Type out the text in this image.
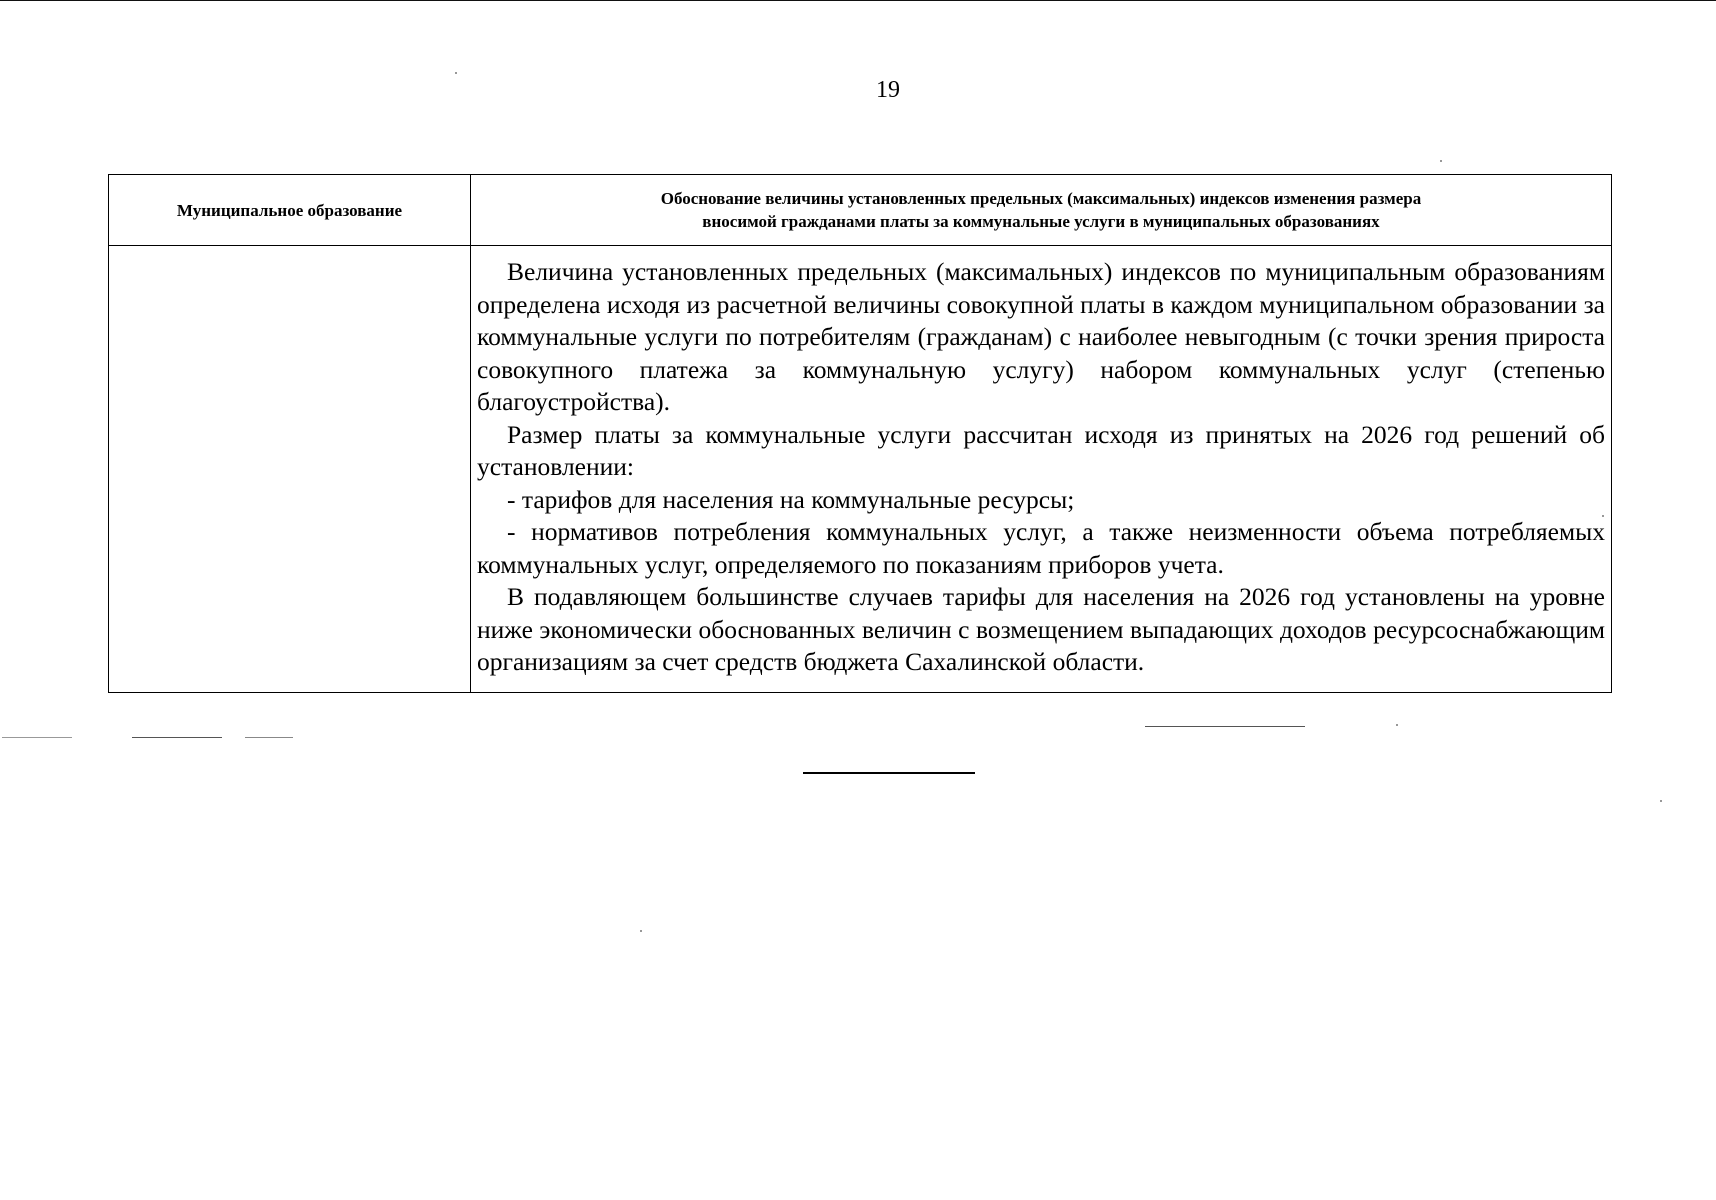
19
Муниципальное образование
Обоснование величины установленных предельных (максимальных) индексов изменения размера
вносимой гражданами платы за коммунальные услуги в муниципальных образованиях

Величина установленных предельных (максимальных) индексов по муниципальным образованиям определена исходя из расчетной величины совокупной платы в каждом муниципальном образовании за коммунальные услуги по потребителям (гражданам) с наиболее невыгодным (с точки зрения прироста совокупного платежа за коммунальную услугу) набором коммунальных услуг (степенью благоустройства).

Размер платы за коммунальные услуги рассчитан исходя из принятых на 2026 год решений об установлении:

- тарифов для населения на коммунальные ресурсы;

- нормативов потребления коммунальных услуг, а также неизменности объема потребляемых коммунальных услуг, определяемого по показаниям приборов учета.

В подавляющем большинстве случаев тарифы для населения на 2026 год установлены на уровне ниже экономически обоснованных величин с возмещением выпадающих доходов ресурсоснабжающим организациям за счет средств бюджета Сахалинской области.
